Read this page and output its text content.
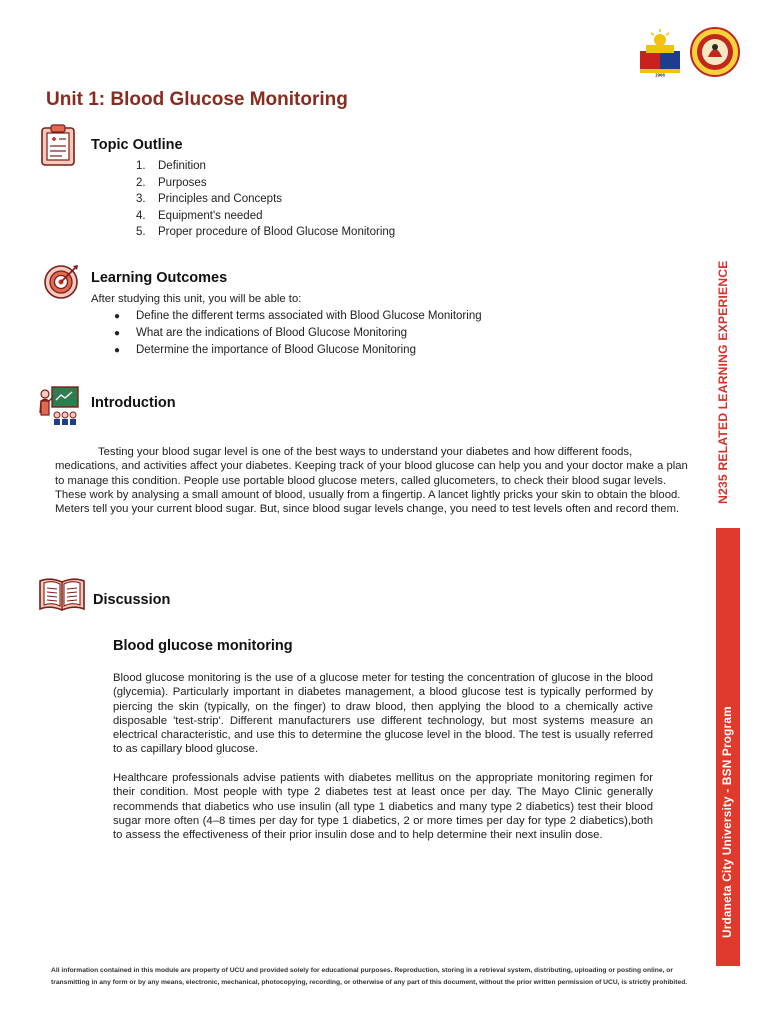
1966
Unit 1: Blood Glucose Monitoring
Topic Outline
1. Definition
2. Purposes
3. Principles and Concepts
4. Equipment's needed
5. Proper procedure of Blood Glucose Monitoring
Learning Outcomes
After studying this unit, you will be able to:
● Define the different terms associated with Blood Glucose Monitoring
● What are the indications of Blood Glucose Monitoring
● Determine the importance of Blood Glucose Monitoring
Introduction
Testing your blood sugar level is one of the best ways to understand your diabetes and how different foods, medications, and activities affect your diabetes. Keeping track of your blood glucose can help you and your doctor make a plan to manage this condition. People use portable blood glucose meters, called glucometers, to check their blood sugar levels. These work by analysing a small amount of blood, usually from a fingertip. A lancet lightly pricks your skin to obtain the blood. Meters tell you your current blood sugar. But, since blood sugar levels change, you need to test levels often and record them.
Discussion
Blood glucose monitoring
Blood glucose monitoring is the use of a glucose meter for testing the concentration of glucose in the blood (glycemia). Particularly important in diabetes management, a blood glucose test is typically performed by piercing the skin (typically, on the finger) to draw blood, then applying the blood to a chemically active disposable 'test-strip'. Different manufacturers use different technology, but most systems measure an electrical characteristic, and use this to determine the glucose level in the blood. The test is usually referred to as capillary blood glucose.
Healthcare professionals advise patients with diabetes mellitus on the appropriate monitoring regimen for their condition. Most people with type 2 diabetes test at least once per day. The Mayo Clinic generally recommends that diabetics who use insulin (all type 1 diabetics and many type 2 diabetics) test their blood sugar more often (4–8 times per day for type 1 diabetics, 2 or more times per day for type 2 diabetics),both to assess the effectiveness of their prior insulin dose and to help determine their next insulin dose.
N235 RELATED LEARNING EXPERIENCE
Urdaneta City University - BSN Program
All information contained in this module are property of UCU and provided solely for educational purposes. Reproduction, storing in a retrieval system, distributing, uploading or posting online, or transmitting in any form or by any means, electronic, mechanical, photocopying, recording, or otherwise of any part of this document, without the prior written permission of UCU, is strictly prohibited.
